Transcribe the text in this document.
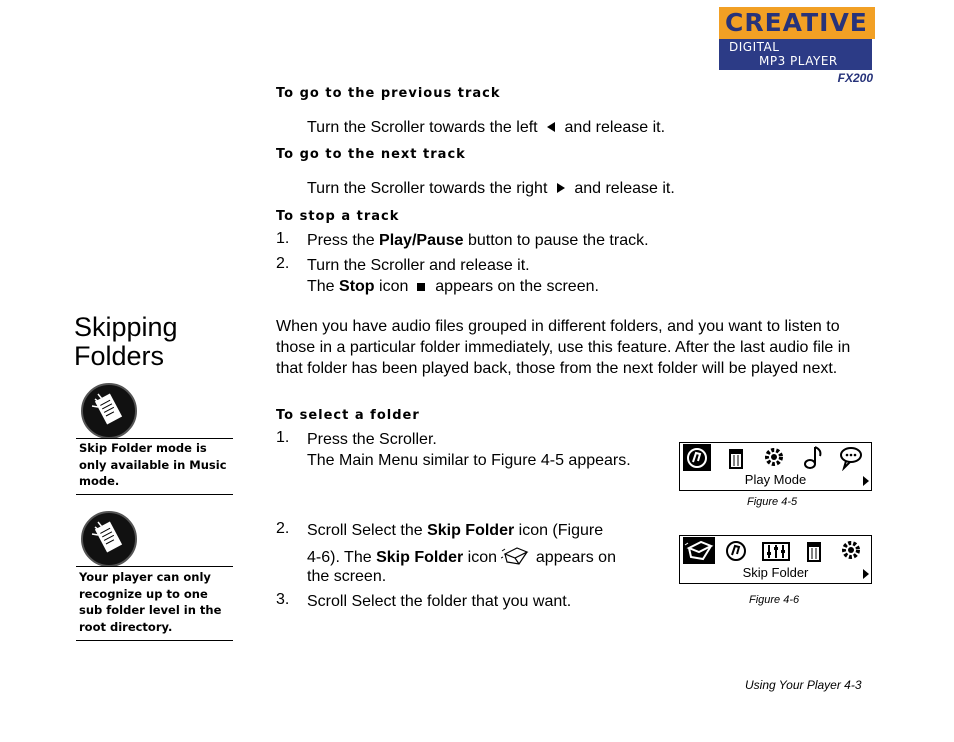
CREATIVE
DIGITAL
MP3 PLAYER
FX200
To go to the previous track
Turn the Scroller towards the left and release it.
To go to the next track
Turn the Scroller towards the right and release it.
To stop a track
1. Press the Play/Pause button to pause the track.
2. Turn the Scroller and release it.
The Stop icon appears on the screen.
Skipping
Folders
Skip Folder mode is only available in Music mode.
Your player can only recognize up to one sub folder level in the root directory.
When you have audio files grouped in different folders, and you want to listen to those in a particular folder immediately, use this feature. After the last audio file in that folder has been played back, those from the next folder will be played next.
To select a folder
1. Press the Scroller.
The Main Menu similar to Figure 4-5 appears.
2. Scroll Select the Skip Folder icon (Figure
4-6). The Skip Folder icon appears on
the screen.
3. Scroll Select the folder that you want.
Play Mode
Figure 4-5
Skip Folder
Figure 4-6
Using Your Player 4-3
